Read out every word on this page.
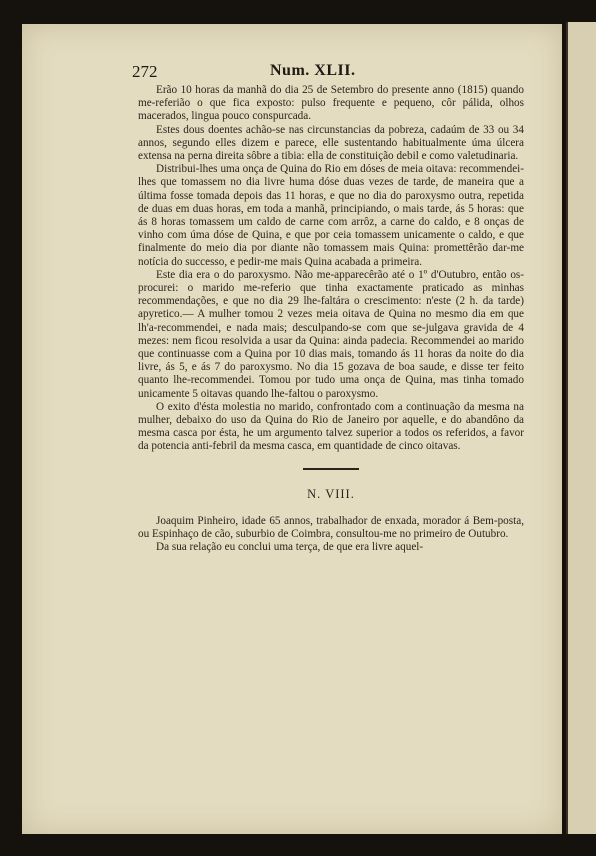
272	Num. XLII.

Erão 10 horas da manhã do dia 25 de Setembro do presente anno (1815) quando me-referião o que fica exposto: pulso frequente e pequeno, côr pálida, olhos macerados, lingua pouco conspurcada.

Estes dous doentes achão-se nas circunstancias da pobreza, cadaúm de 33 ou 34 annos, segundo elles dizem e parece, elle sustentando habitualmente úma úlcera extensa na perna direita sôbre a tibia: ella de constituição debil e como valetudinaria.

Distribui-lhes uma onça de Quina do Rio em dóses de meia oitava: recommendei-lhes que tomassem no dia livre huma dóse duas vezes de tarde, de maneira que a última fosse tomada depois das 11 horas, e que no dia do paroxysmo outra, repetida de duas em duas horas, em toda a manhã, principiando, o mais tarde, ás 5 horas: que ás 8 horas tomassem um caldo de carne com arrôz, a carne do caldo, e 8 onças de vinho com úma dóse de Quina, e que por ceia tomassem unicamente o caldo, e que finalmente do meio dia por diante não tomassem mais Quina: promettêrão dar-me notícia do successo, e pedir-me mais Quina acabada a primeira.

Este dia era o do paroxysmo. Não me-apparecêrão até o 1º d'Outubro, então os-procurei: o marido me-referio que tinha exactamente praticado as minhas recommendações, e que no dia 29 lhe-faltára o crescimento: n'este (2 h. da tarde) apyretico.— A mulher tomou 2 vezes meia oitava de Quina no mesmo dia em que lh'a-recommendei, e nada mais; desculpando-se com que se-julgava gravida de 4 mezes: nem ficou resolvida a usar da Quina: ainda padecia. Recommendei ao marido que continuasse com a Quina por 10 dias mais, tomando ás 11 horas da noite do dia livre, ás 5, e ás 7 do paroxysmo. No dia 15 gozava de boa saude, e disse ter feito quanto lhe-recommendei. Tomou por tudo uma onça de Quina, mas tinha tomado unicamente 5 oitavas quando lhe-faltou o paroxysmo.

O exito d'ésta molestia no marido, confrontado com a continuação da mesma na mulher, debaixo do uso da Quina do Rio de Janeiro por aquelle, e do abandôno da mesma casca por ésta, he um argumento talvez superior a todos os referidos, a favor da potencia anti-febril da mesma casca, em quantidade de cinco oitavas.

N. VIII.

Joaquim Pinheiro, idade 65 annos, trabalhador de enxada, morador á Bem-posta, ou Espinhaço de cão, suburbio de Coimbra, consultou-me no primeiro de Outubro.

Da sua relação eu conclui uma terça, de que era livre aquel-
